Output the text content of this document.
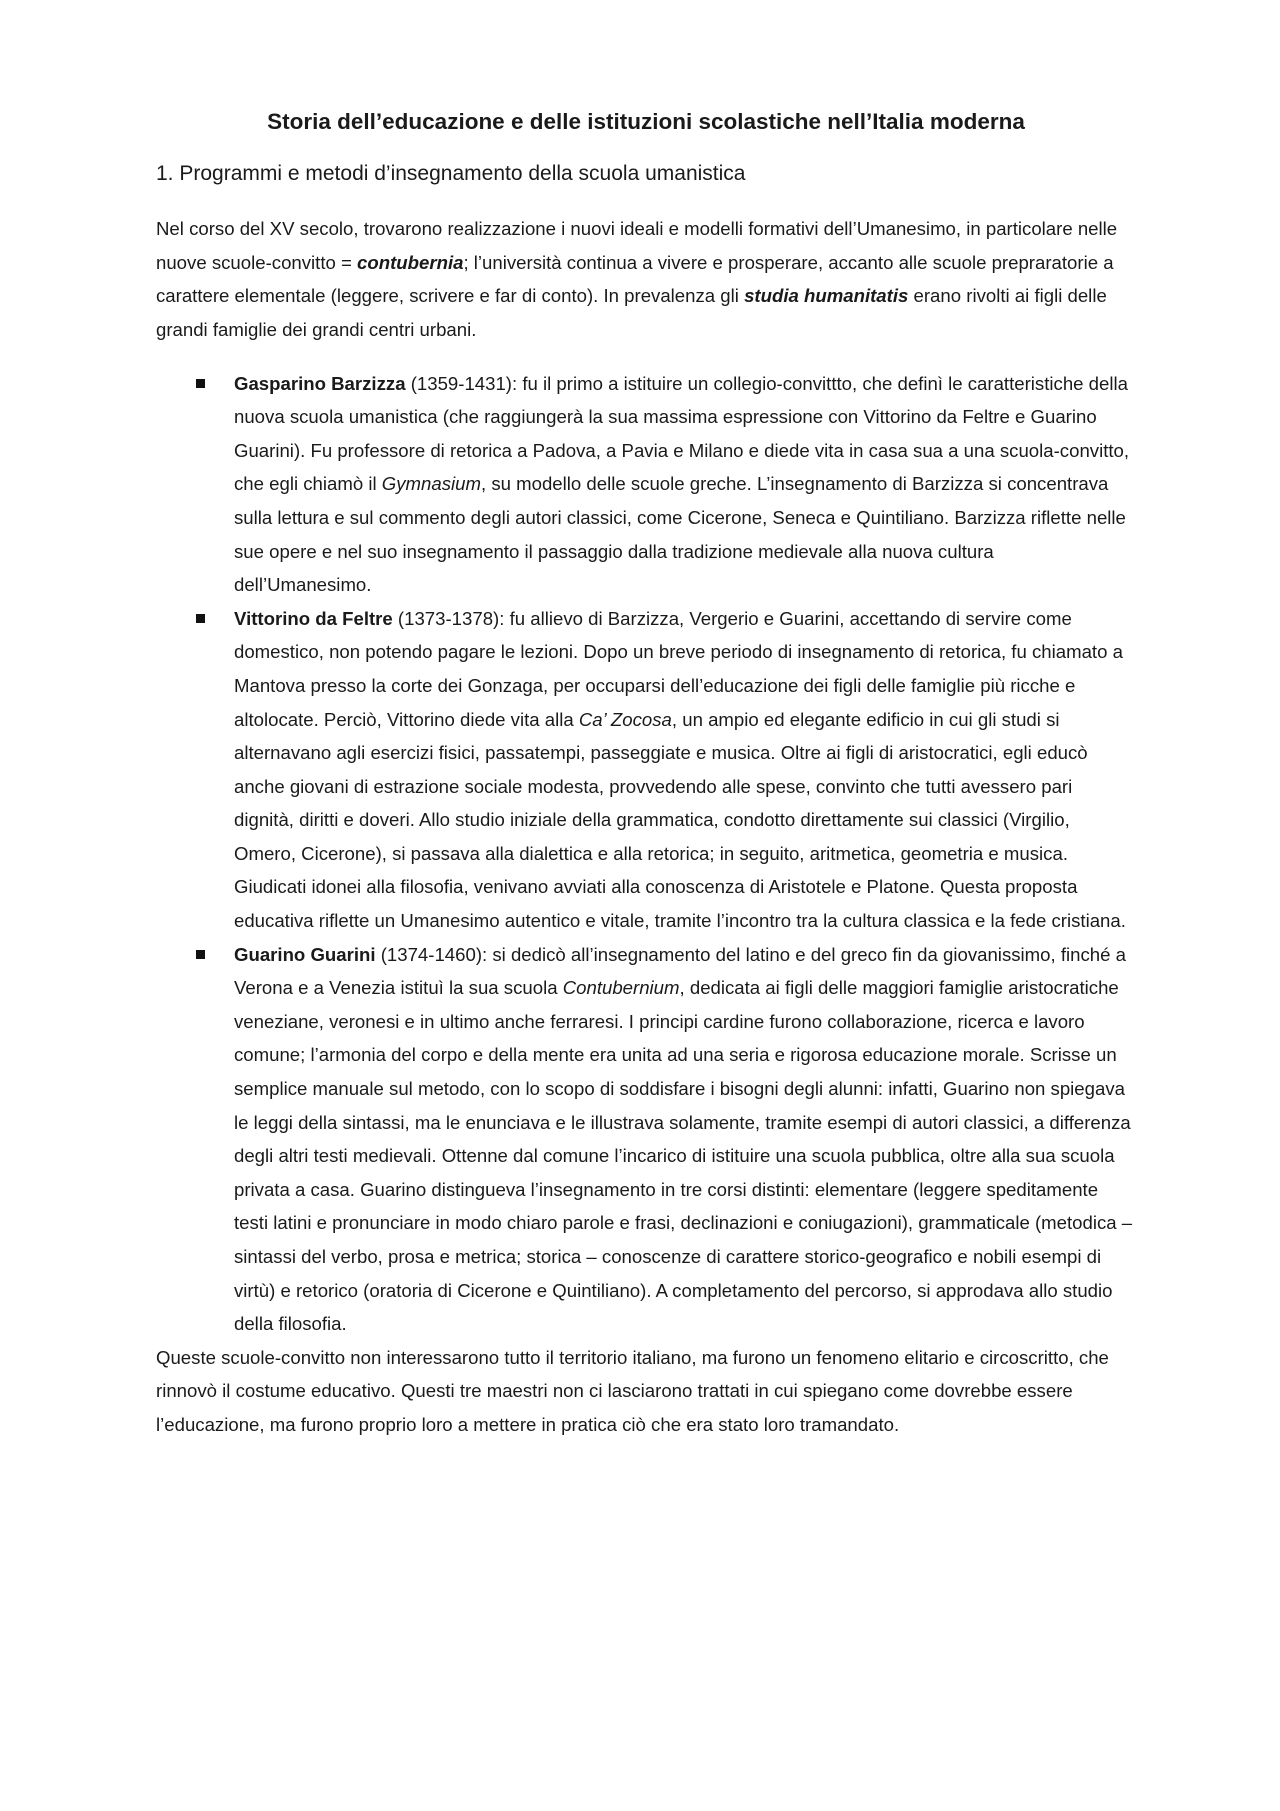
Storia dell’educazione e delle istituzioni scolastiche nell’Italia moderna
1. Programmi e metodi d’insegnamento della scuola umanistica

Nel corso del XV secolo, trovarono realizzazione i nuovi ideali e modelli formativi dell’Umanesimo, in particolare nelle nuove scuole-convitto = contubernia; l’università continua a vivere e prosperare, accanto alle scuole prepraratorie a carattere elementale (leggere, scrivere e far di conto). In prevalenza gli studia humanitatis erano rivolti ai figli delle grandi famiglie dei grandi centri urbani.

Gasparino Barzizza (1359-1431): fu il primo a istituire un collegio-convittto, che definì le caratteristiche della nuova scuola umanistica (che raggiungerà la sua massima espressione con Vittorino da Feltre e Guarino Guarini). Fu professore di retorica a Padova, a Pavia e Milano e diede vita in casa sua a una scuola-convitto, che egli chiamò il Gymnasium, su modello delle scuole greche. L’insegnamento di Barzizza si concentrava sulla lettura e sul commento degli autori classici, come Cicerone, Seneca e Quintiliano. Barzizza riflette nelle sue opere e nel suo insegnamento il passaggio dalla tradizione medievale alla nuova cultura dell’Umanesimo.
Vittorino da Feltre (1373-1378): fu allievo di Barzizza, Vergerio e Guarini, accettando di servire come domestico, non potendo pagare le lezioni. Dopo un breve periodo di insegnamento di retorica, fu chiamato a Mantova presso la corte dei Gonzaga, per occuparsi dell’educazione dei figli delle famiglie più ricche e altolocate. Perciò, Vittorino diede vita alla Ca’ Zocosa, un ampio ed elegante edificio in cui gli studi si alternavano agli esercizi fisici, passatempi, passeggiate e musica. Oltre ai figli di aristocratici, egli educò anche giovani di estrazione sociale modesta, provvedendo alle spese, convinto che tutti avessero pari dignità, diritti e doveri. Allo studio iniziale della grammatica, condotto direttamente sui classici (Virgilio, Omero, Cicerone), si passava alla dialettica e alla retorica; in seguito, aritmetica, geometria e musica. Giudicati idonei alla filosofia, venivano avviati alla conoscenza di Aristotele e Platone. Questa proposta educativa riflette un Umanesimo autentico e vitale, tramite l’incontro tra la cultura classica e la fede cristiana.
Guarino Guarini (1374-1460): si dedicò all’insegnamento del latino e del greco fin da giovanissimo, finché a Verona e a Venezia istituì la sua scuola Contubernium, dedicata ai figli delle maggiori famiglie aristocratiche veneziane, veronesi e in ultimo anche ferraresi. I principi cardine furono collaborazione, ricerca e lavoro comune; l’armonia del corpo e della mente era unita ad una seria e rigorosa educazione morale. Scrisse un semplice manuale sul metodo, con lo scopo di soddisfare i bisogni degli alunni: infatti, Guarino non spiegava le leggi della sintassi, ma le enunciava e le illustrava solamente, tramite esempi di autori classici, a differenza degli altri testi medievali. Ottenne dal comune l’incarico di istituire una scuola pubblica, oltre alla sua scuola privata a casa. Guarino distingueva l’insegnamento in tre corsi distinti: elementare (leggere speditamente testi latini e pronunciare in modo chiaro parole e frasi, declinazioni e coniugazioni), grammaticale (metodica – sintassi del verbo, prosa e metrica; storica – conoscenze di carattere storico-geografico e nobili esempi di virtù) e retorico (oratoria di Cicerone e Quintiliano). A completamento del percorso, si approdava allo studio della filosofia.

Queste scuole-convitto non interessarono tutto il territorio italiano, ma furono un fenomeno elitario e circoscritto, che rinnovò il costume educativo. Questi tre maestri non ci lasciarono trattati in cui spiegano come dovrebbe essere l’educazione, ma furono proprio loro a mettere in pratica ciò che era stato loro tramandato.
